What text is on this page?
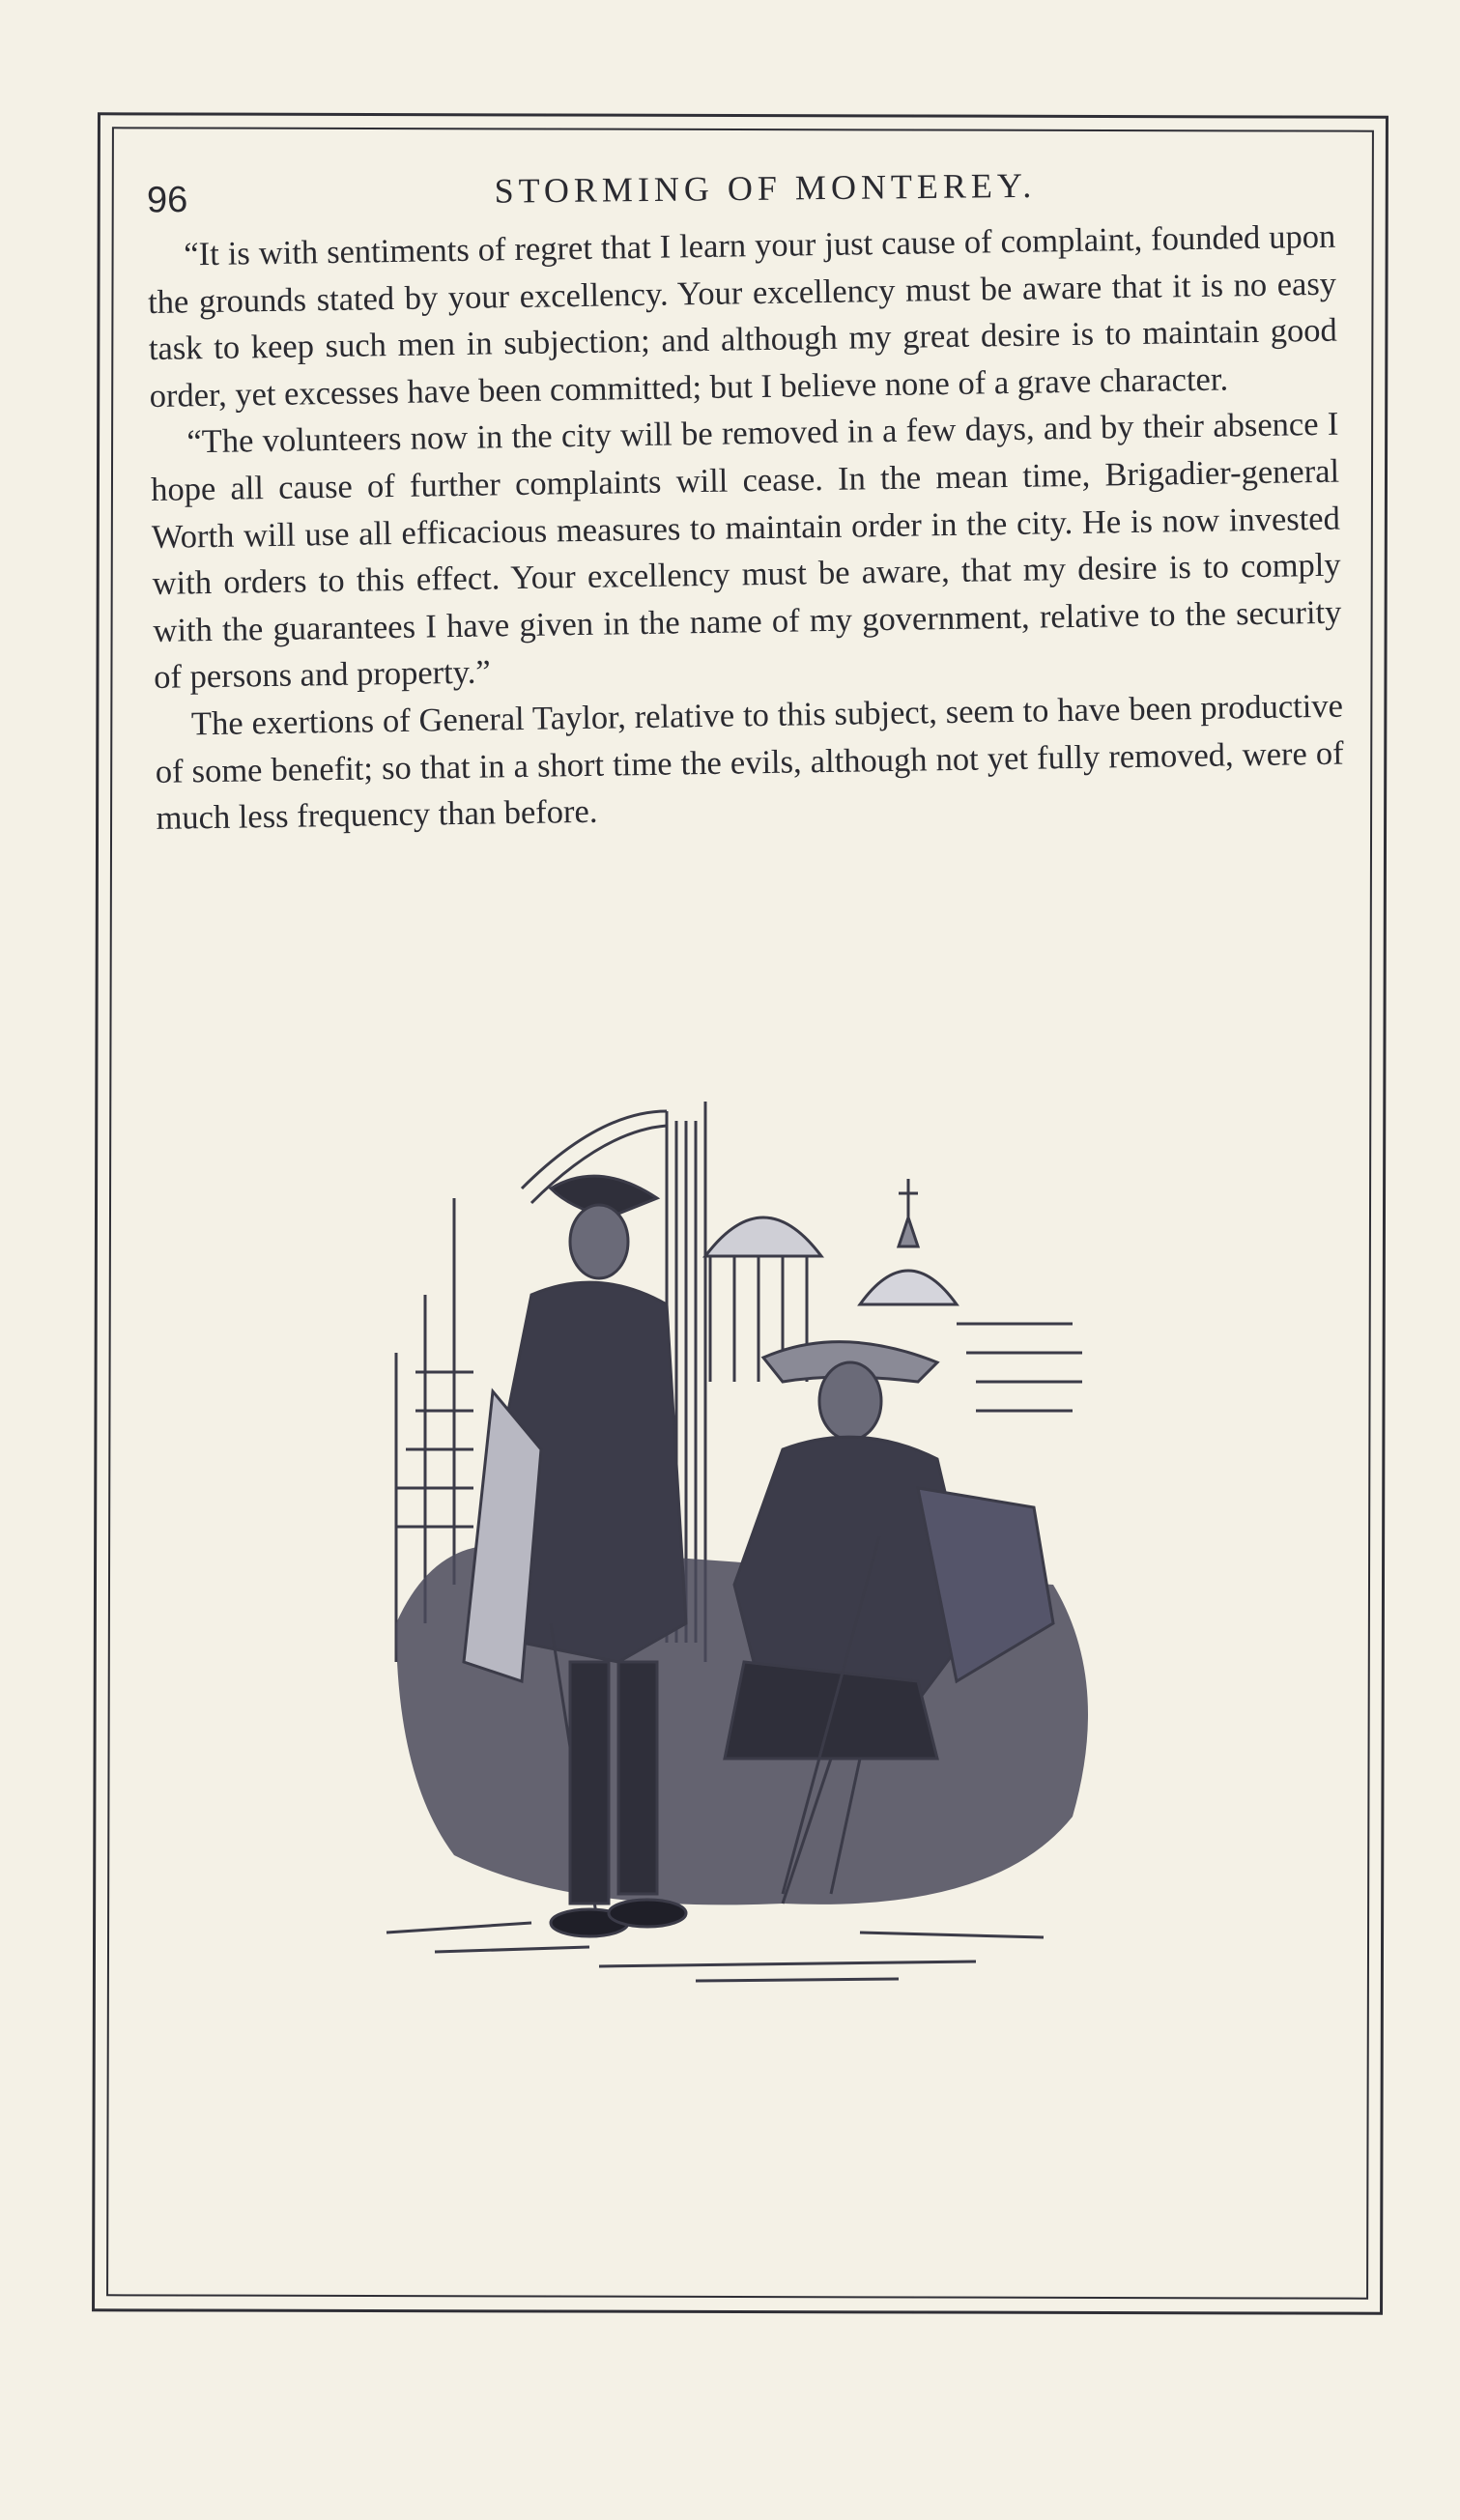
96	STORMING OF MONTEREY.

“It is with sentiments of regret that I learn your just cause of complaint, founded upon the grounds stated by your excellency. Your excellency must be aware that it is no easy task to keep such men in subjection; and although my great desire is to maintain good order, yet excesses have been committed; but I believe none of a grave character.

“The volunteers now in the city will be removed in a few days, and by their absence I hope all cause of further complaints will cease. In the mean time, Brigadier-general Worth will use all efficacious measures to maintain order in the city. He is now invested with orders to this effect. Your excellency must be aware, that my desire is to comply with the guarantees I have given in the name of my government, relative to the security of persons and property.”

The exertions of General Taylor, relative to this subject, seem to have been productive of some benefit; so that in a short time the evils, although not yet fully removed, were of much less frequency than before.
